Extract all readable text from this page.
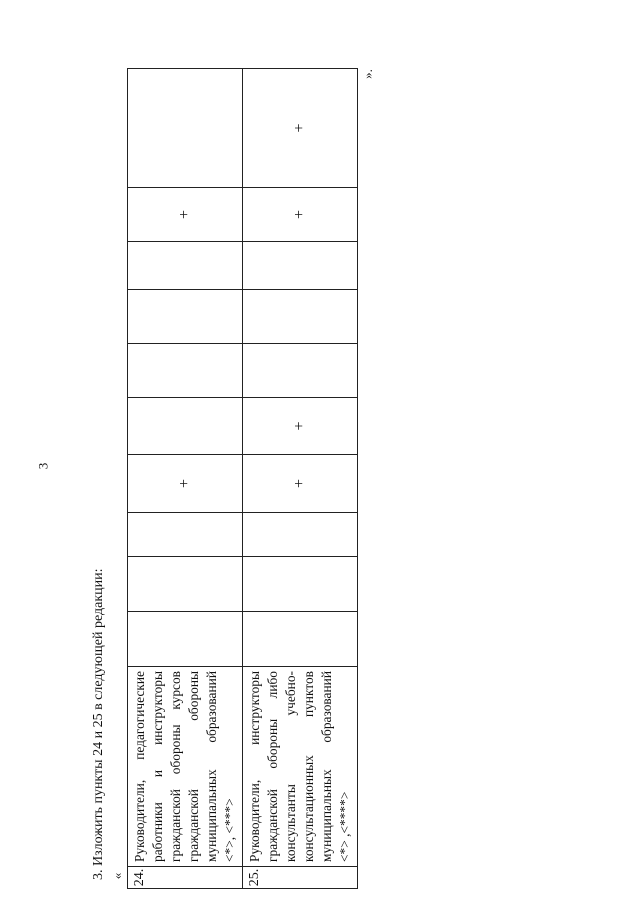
3
3. Изложить пункты 24 и 25 в следующей редакции: «
».
24.	Руководители, педагогические работники и инструкторы гражданской обороны курсов гражданской обороны муниципальных образований <*>, <***>				+					+	
25.	Руководители, инструкторы гражданской обороны либо консультанты учебно-консультационных пунктов муниципальных образований <*> ,<****>				+	+				+	+
